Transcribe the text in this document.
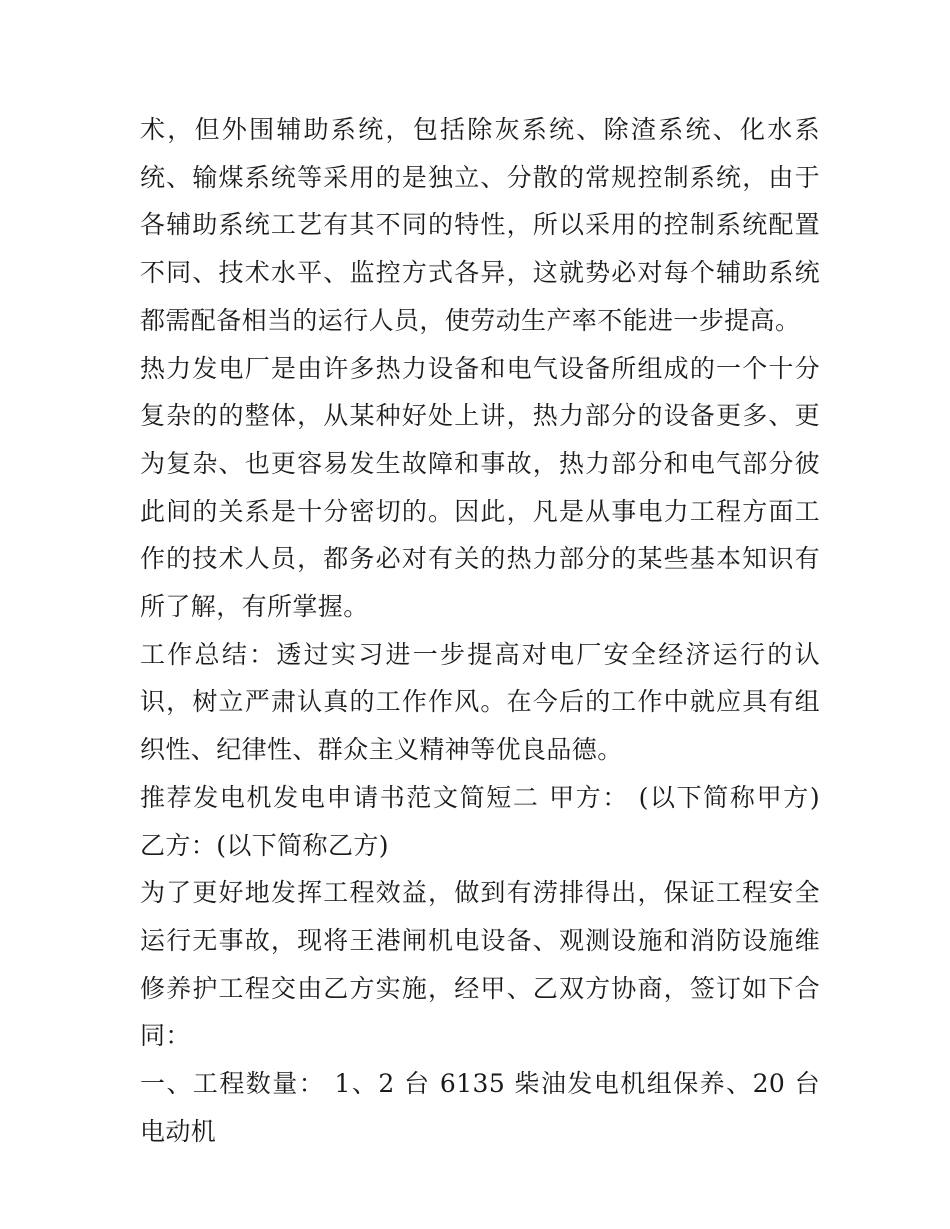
术，但外围辅助系统，包括除灰系统、除渣系统、化水系统、输煤系统等采用的是独立、分散的常规控制系统，由于各辅助系统工艺有其不同的特性，所以采用的控制系统配置不同、技术水平、监控方式各异，这就势必对每个辅助系统都需配备相当的运行人员，使劳动生产率不能进一步提高。

热力发电厂是由许多热力设备和电气设备所组成的一个十分复杂的的整体，从某种好处上讲，热力部分的设备更多、更为复杂、也更容易发生故障和事故，热力部分和电气部分彼此间的关系是十分密切的。因此，凡是从事电力工程方面工作的技术人员，都务必对有关的热力部分的某些基本知识有所了解，有所掌握。

工作总结：透过实习进一步提高对电厂安全经济运行的认识，树立严肃认真的工作作风。在今后的工作中就应具有组织性、纪律性、群众主义精神等优良品德。

推荐发电机发电申请书范文简短二 甲方： (以下简称甲方) 乙方：(以下简称乙方)

为了更好地发挥工程效益，做到有涝排得出，保证工程安全运行无事故，现将王港闸机电设备、观测设施和消防设施维修养护工程交由乙方实施，经甲、乙双方协商，签订如下合同：

一、工程数量： 1、2 台 6135 柴油发电机组保养、20 台电动机
